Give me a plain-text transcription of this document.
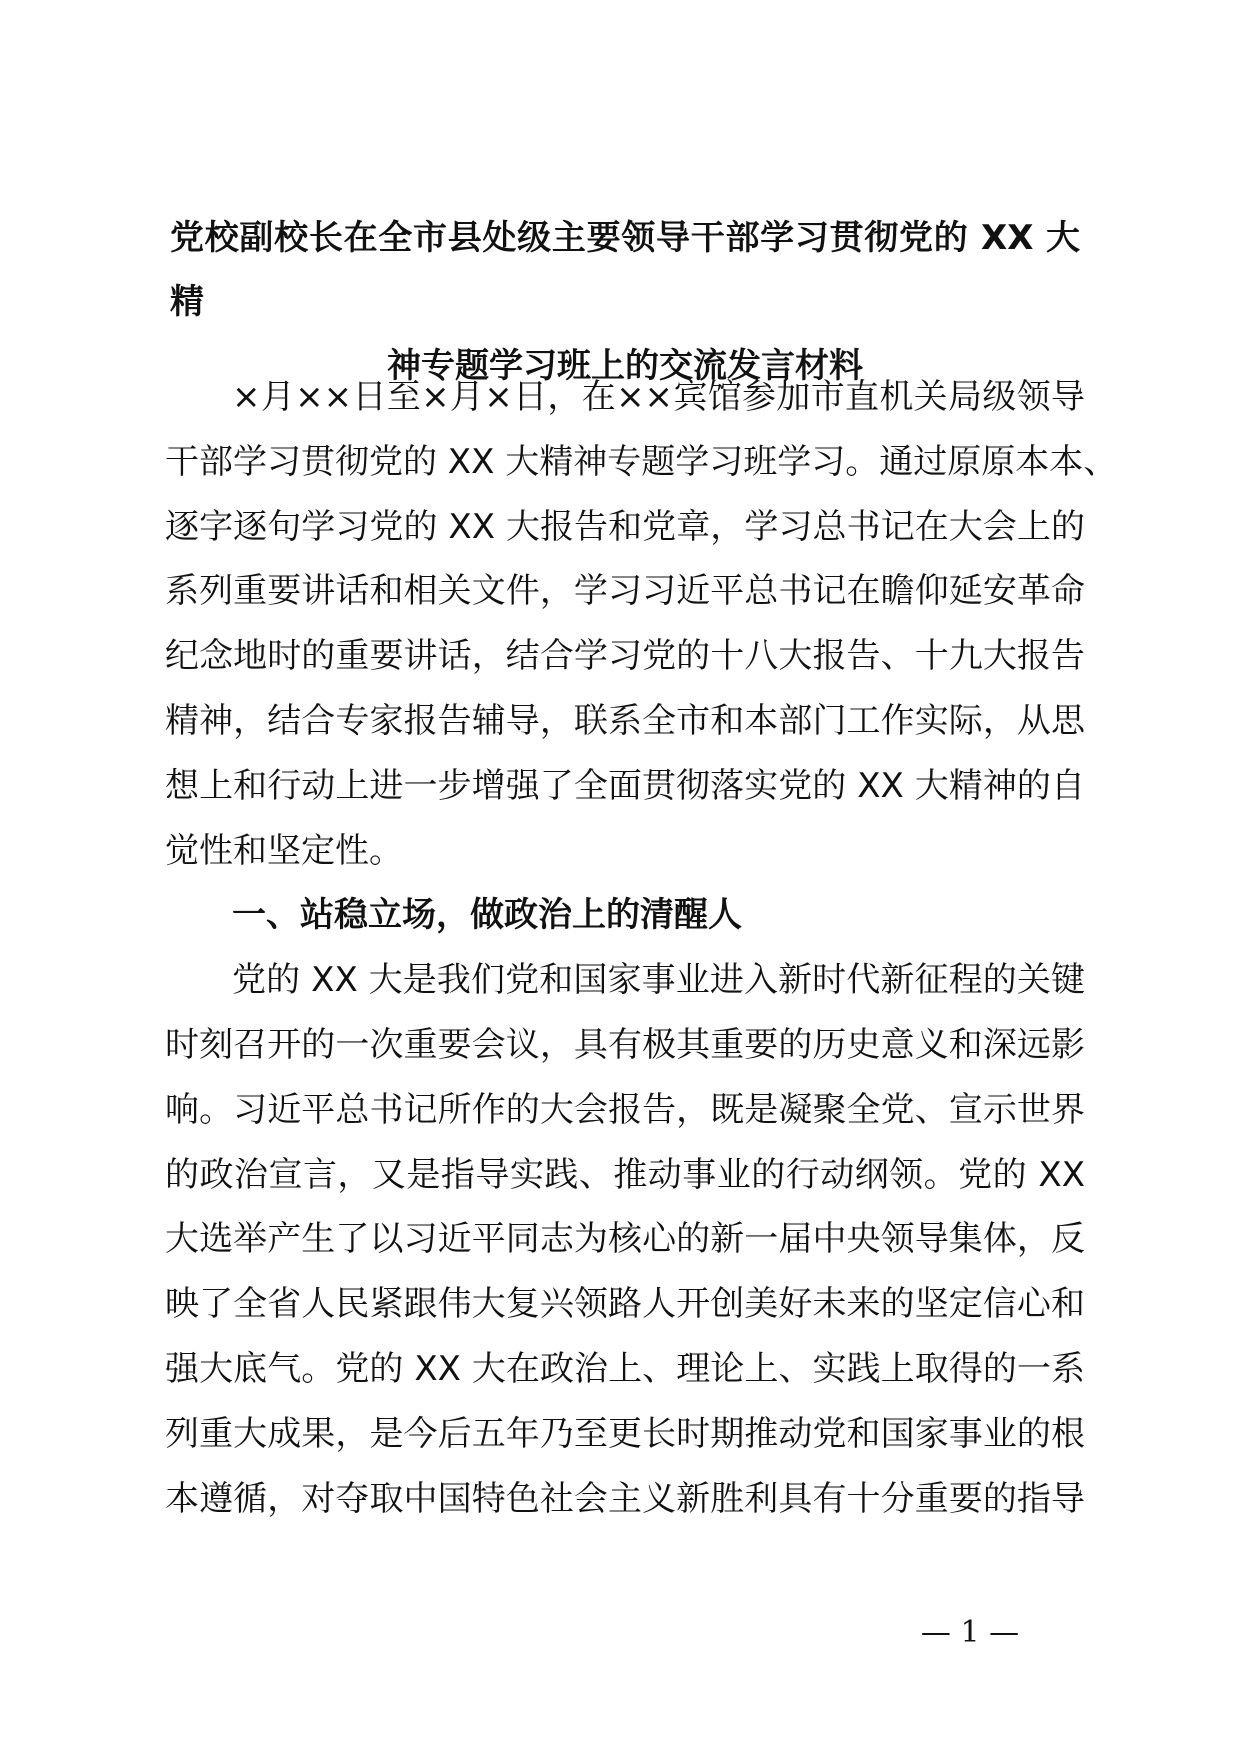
党校副校长在全市县处级主要领导干部学习贯彻党的 XX 大精
神专题学习班上的交流发言材料
×月××日至×月×日，在××宾馆参加市直机关局级领导
干部学习贯彻党的 XX 大精神专题学习班学习。通过原原本本、
逐字逐句学习党的 XX 大报告和党章，学习总书记在大会上的
系列重要讲话和相关文件，学习习近平总书记在瞻仰延安革命
纪念地时的重要讲话，结合学习党的十八大报告、十九大报告
精神，结合专家报告辅导，联系全市和本部门工作实际，从思
想上和行动上进一步增强了全面贯彻落实党的 XX 大精神的自
觉性和坚定性。
一、站稳立场，做政治上的清醒人
党的 XX 大是我们党和国家事业进入新时代新征程的关键
时刻召开的一次重要会议，具有极其重要的历史意义和深远影
响。习近平总书记所作的大会报告，既是凝聚全党、宣示世界
的政治宣言，又是指导实践、推动事业的行动纲领。党的 XX
大选举产生了以习近平同志为核心的新一届中央领导集体，反
映了全省人民紧跟伟大复兴领路人开创美好未来的坚定信心和
强大底气。党的 XX 大在政治上、理论上、实践上取得的一系
列重大成果，是今后五年乃至更长时期推动党和国家事业的根
本遵循，对夺取中国特色社会主义新胜利具有十分重要的指导
— 1 —
